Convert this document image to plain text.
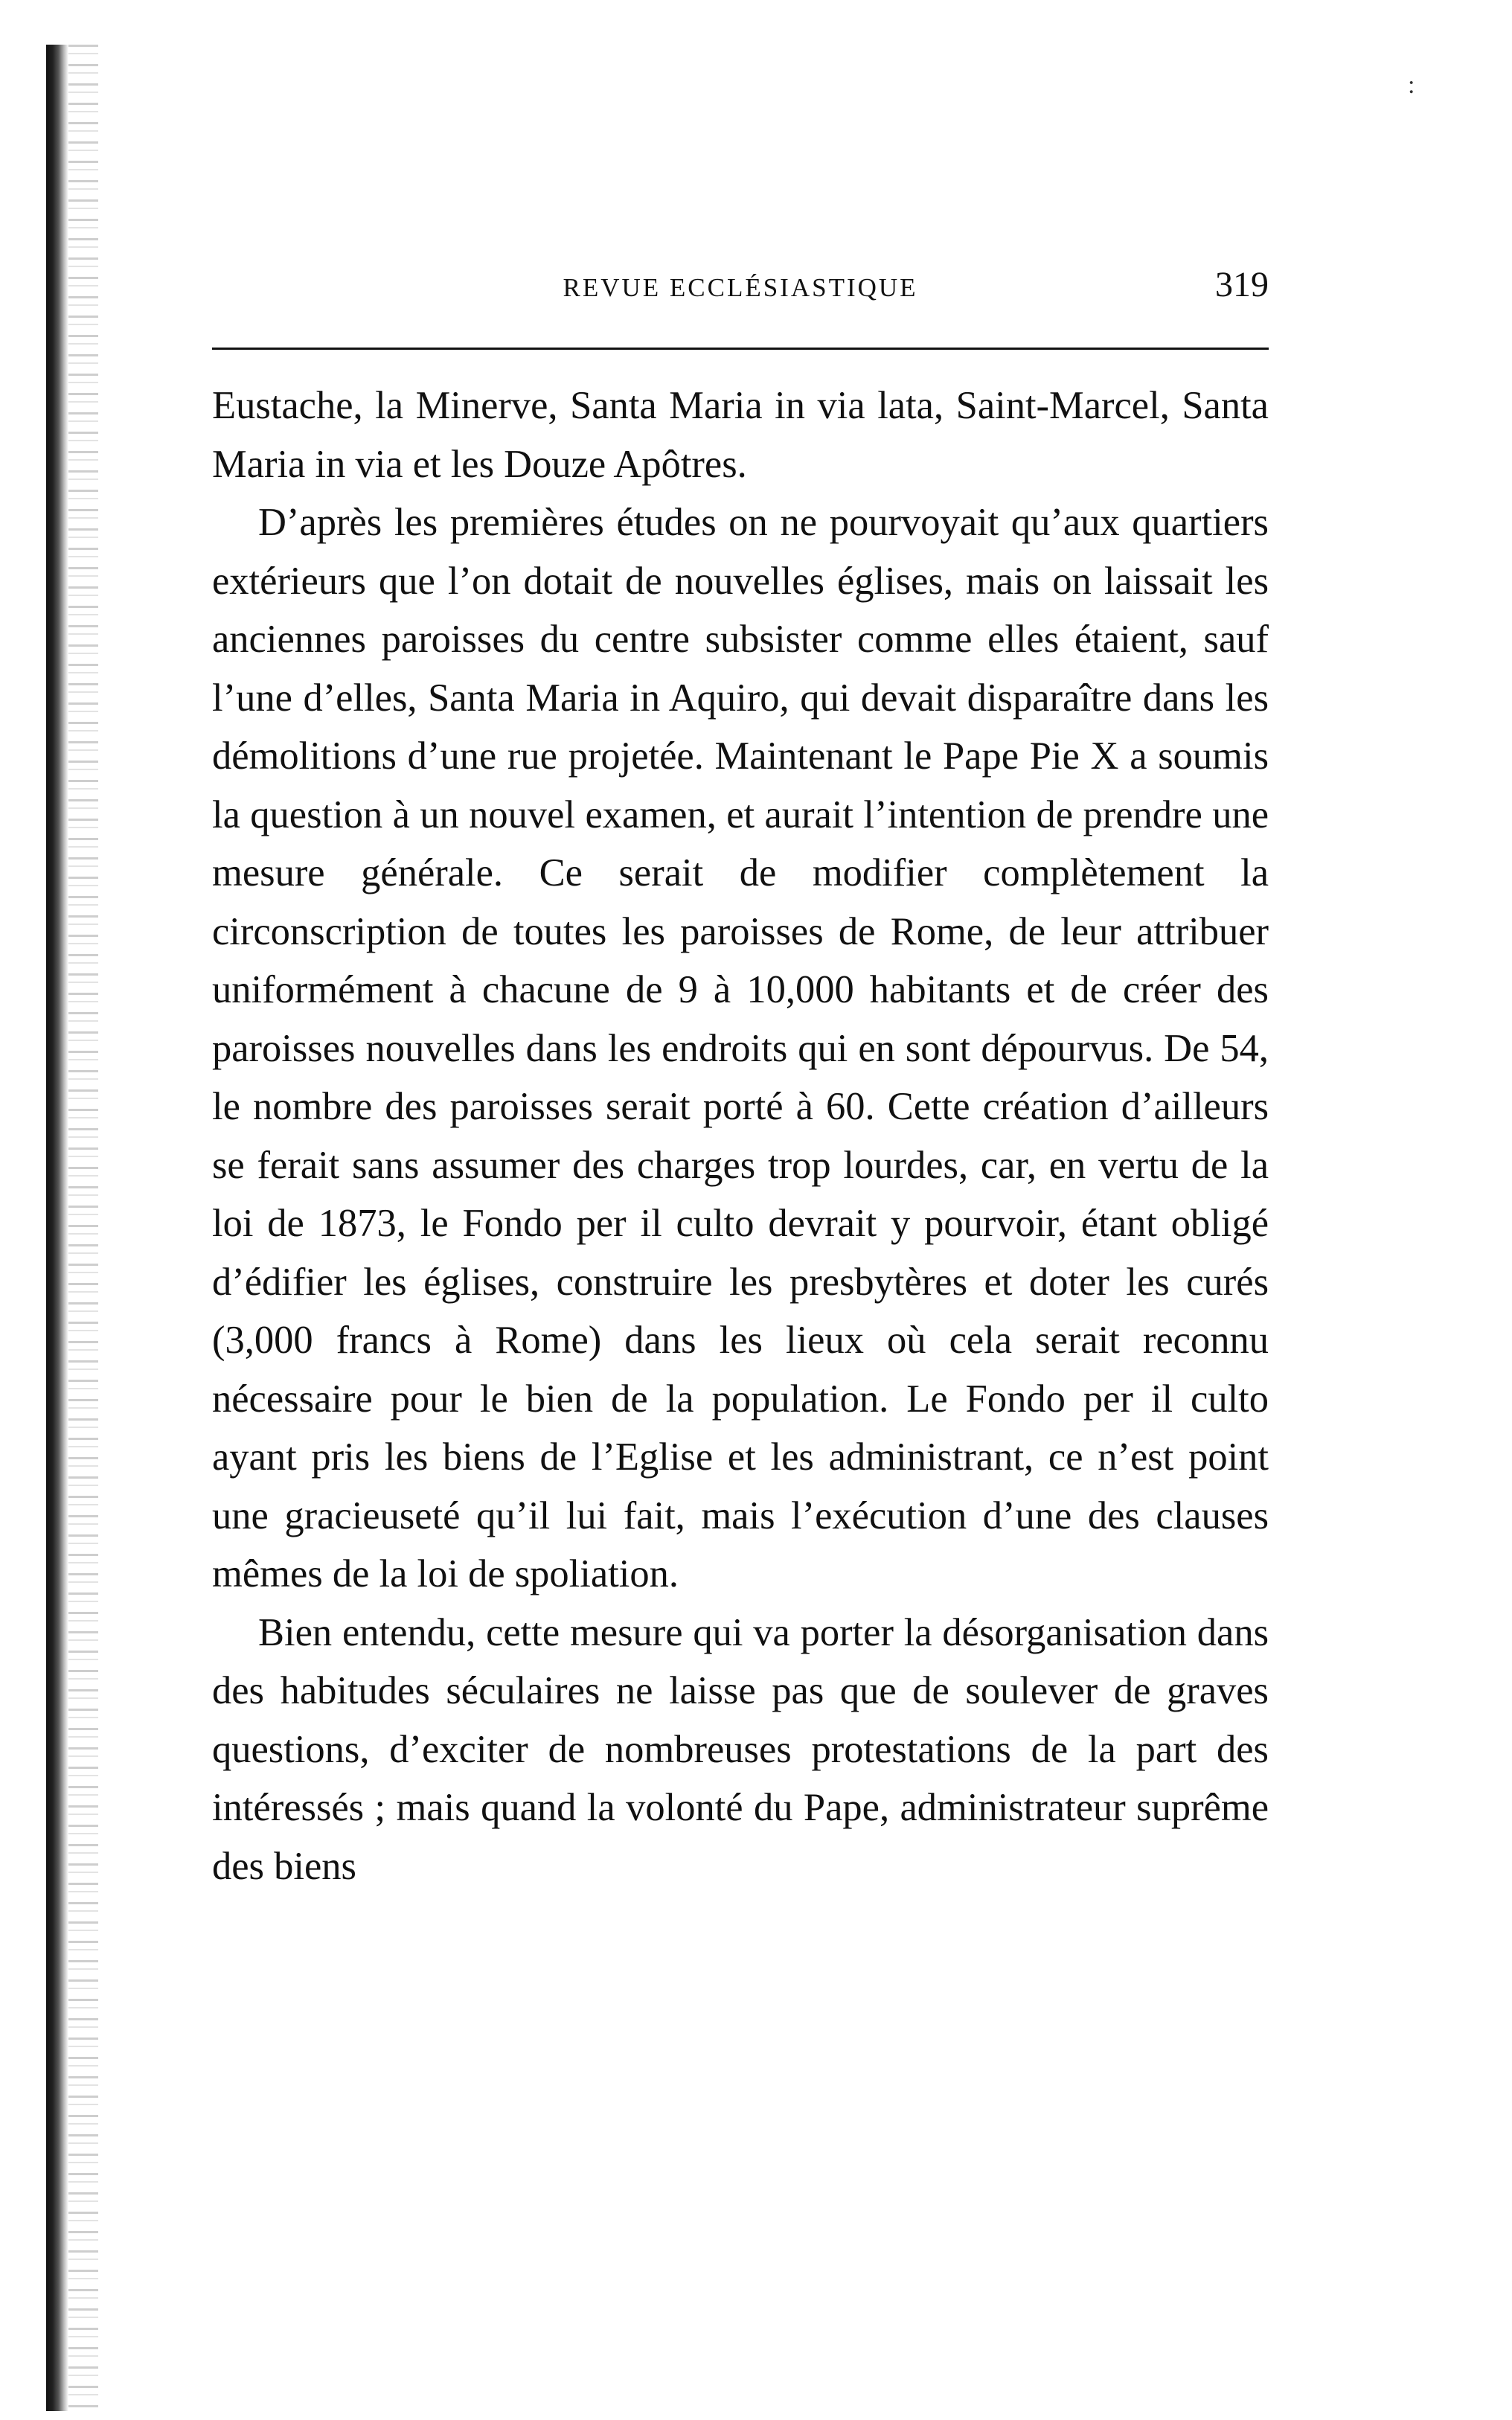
:
REVUE ECCLÉSIASTIQUE	319

Eustache, la Minerve, Santa Maria in via lata, Saint-Marcel, Santa Maria in via et les Douze Apôtres.

D’après les premières études on ne pourvoyait qu’aux quartiers extérieurs que l’on dotait de nouvelles églises, mais on laissait les anciennes paroisses du centre subsister comme elles étaient, sauf l’une d’elles, Santa Maria in Aquiro, qui devait disparaître dans les démolitions d’une rue projetée. Maintenant le Pape Pie X a soumis la question à un nouvel examen, et aurait l’intention de prendre une mesure générale. Ce serait de modifier complètement la circonscription de toutes les paroisses de Rome, de leur attribuer uniformément à chacune de 9 à 10,000 habitants et de créer des paroisses nouvelles dans les endroits qui en sont dépourvus. De 54, le nombre des paroisses serait porté à 60. Cette création d’ailleurs se ferait sans assumer des charges trop lourdes, car, en vertu de la loi de 1873, le Fondo per il culto devrait y pourvoir, étant obligé d’édifier les églises, construire les presbytères et doter les curés (3,000 francs à Rome) dans les lieux où cela serait reconnu nécessaire pour le bien de la population. Le Fondo per il culto ayant pris les biens de l’Eglise et les administrant, ce n’est point une gracieuseté qu’il lui fait, mais l’exécution d’une des clauses mêmes de la loi de spoliation.

Bien entendu, cette mesure qui va porter la désorganisation dans des habitudes séculaires ne laisse pas que de soulever de graves questions, d’exciter de nombreuses protestations de la part des intéressés ; mais quand la volonté du Pape, administrateur suprême des biens
